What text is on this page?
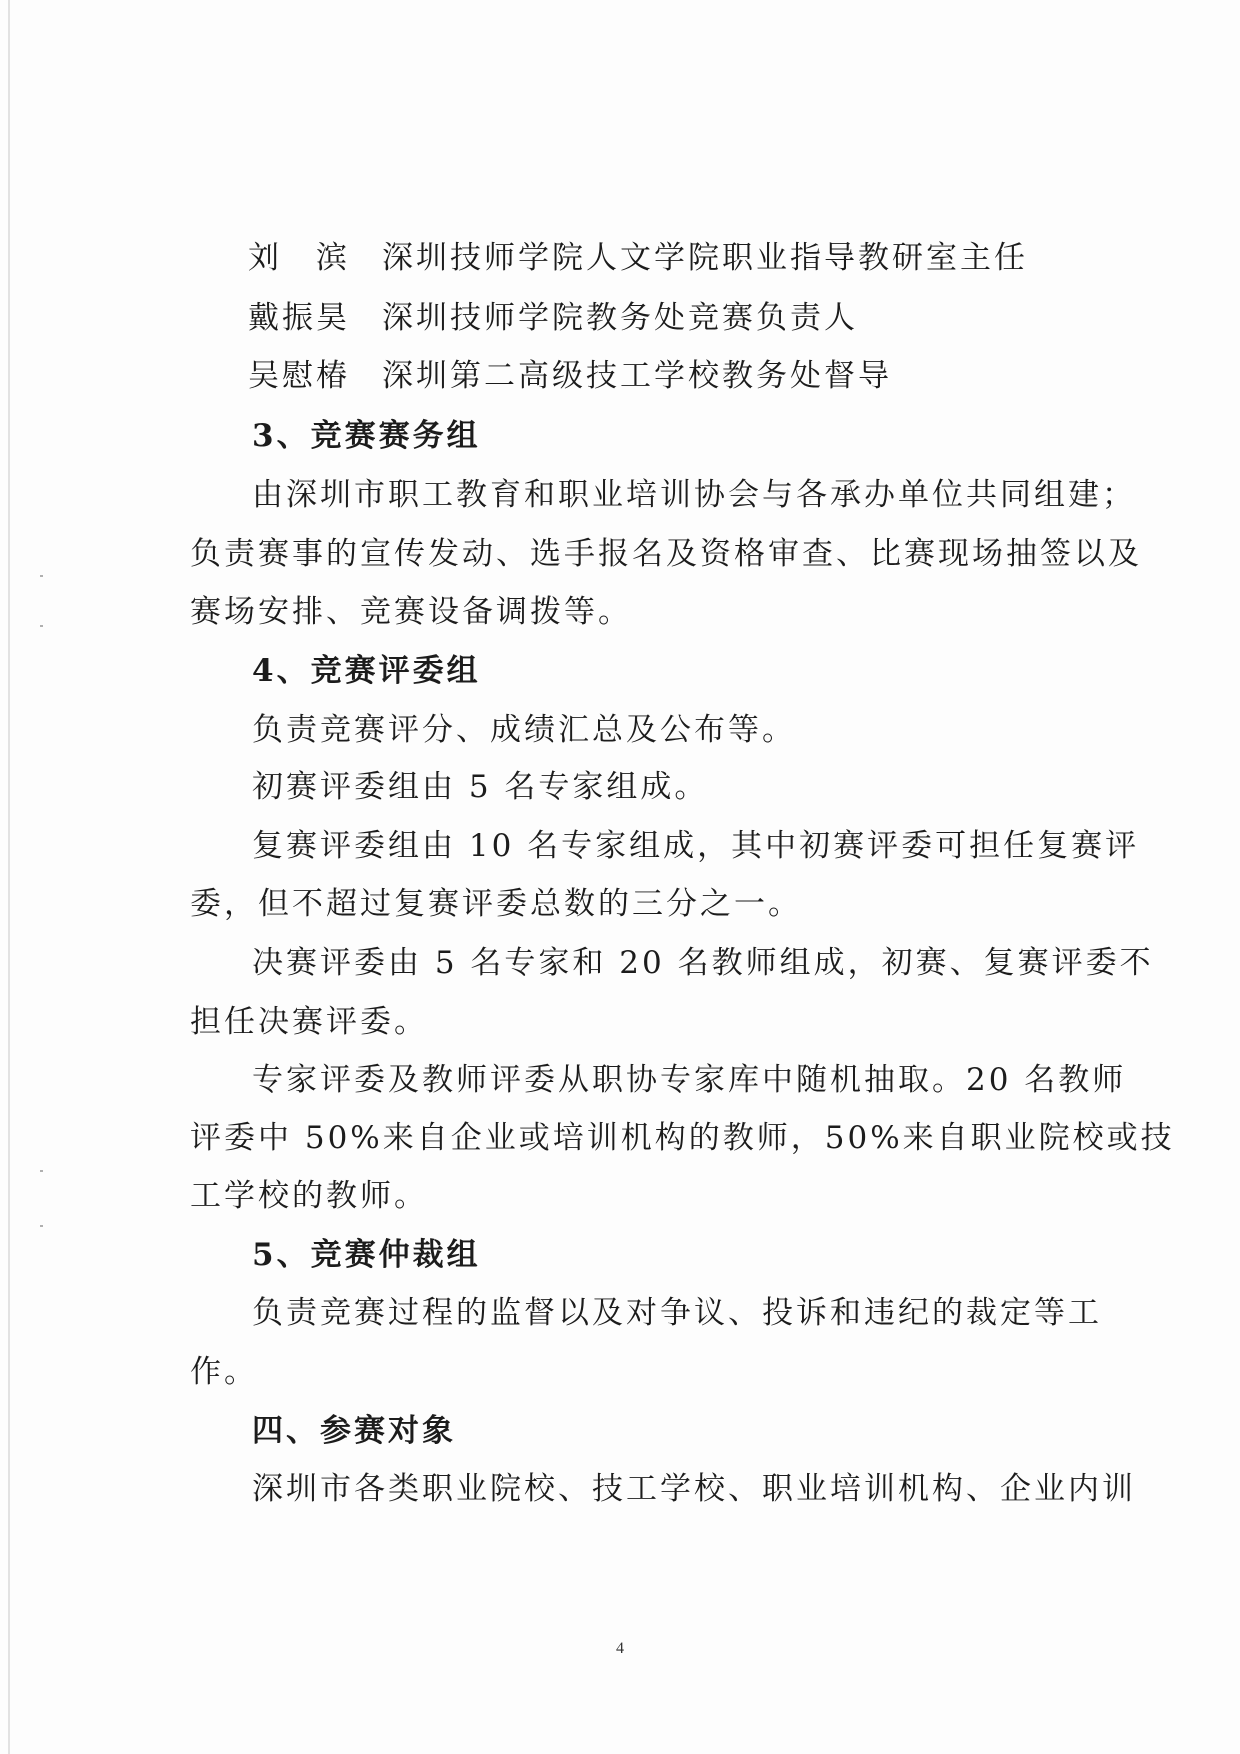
刘　滨 深圳技师学院人文学院职业指导教研室主任
戴振昊 深圳技师学院教务处竞赛负责人
吴慰椿 深圳第二高级技工学校教务处督导
3、竞赛赛务组
由深圳市职工教育和职业培训协会与各承办单位共同组建；
负责赛事的宣传发动、选手报名及资格审查、比赛现场抽签以及
赛场安排、竞赛设备调拨等。
4、竞赛评委组
负责竞赛评分、成绩汇总及公布等。
初赛评委组由 5 名专家组成。
复赛评委组由 10 名专家组成，其中初赛评委可担任复赛评
委，但不超过复赛评委总数的三分之一。
决赛评委由 5 名专家和 20 名教师组成，初赛、复赛评委不
担任决赛评委。
专家评委及教师评委从职协专家库中随机抽取。20 名教师
评委中 50%来自企业或培训机构的教师，50%来自职业院校或技
工学校的教师。
5、竞赛仲裁组
负责竞赛过程的监督以及对争议、投诉和违纪的裁定等工
作。
四、参赛对象
深圳市各类职业院校、技工学校、职业培训机构、企业内训
4
